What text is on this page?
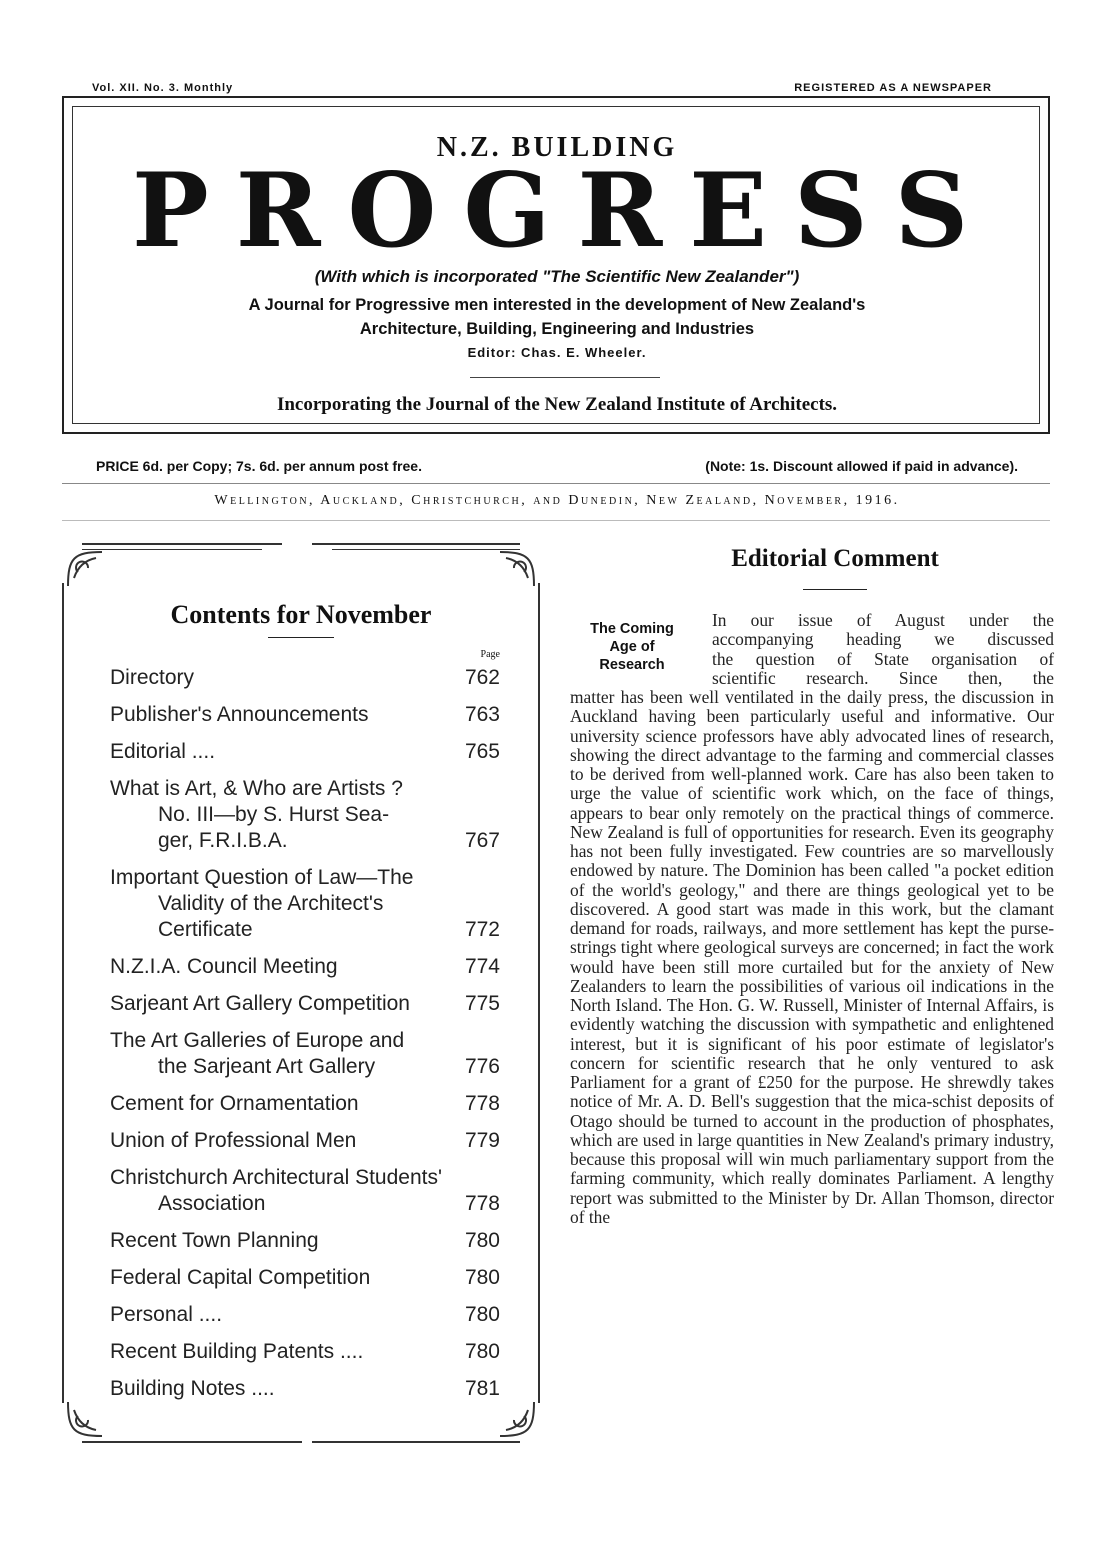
Vol. XII. No. 3. Monthly	REGISTERED AS A NEWSPAPER
N.Z. BUILDING
P R O G R E S S
(With which is incorporated "The Scientific New Zealander")
A Journal for Progressive men interested in the development of New Zealand's
Architecture, Building, Engineering and Industries
Editor: Chas. E. Wheeler.
Incorporating the Journal of the New Zealand Institute of Architects.
PRICE 6d. per Copy; 7s. 6d. per annum post free.	(Note: 1s. Discount allowed if paid in advance).
Wellington, Auckland, Christchurch, and Dunedin, New Zealand, November, 1916.
Contents for November
Page
Directory	762
Publisher's Announcements	763
Editorial ....	765
What is Art, & Who are Artists ?
No. III—by S. Hurst Sea-
ger, F.R.I.B.A.	767
Important Question of Law—The
Validity of the Architect's
Certificate	772
N.Z.I.A. Council Meeting	774
Sarjeant Art Gallery Competition	775
The Art Galleries of Europe and
the Sarjeant Art Gallery	776
Cement for Ornamentation	778
Union of Professional Men	779
Christchurch Architectural Students'
Association	778
Recent Town Planning	780
Federal Capital Competition	780
Personal ....	780
Recent Building Patents ....	780
Building Notes ....	781
Editorial Comment
The Coming
Age of
Research

In our issue of August under the

accompanying heading we discussed

the question of State organisation of

scientific research. Since then, the

matter has been well ventilated in the daily press, the discussion in Auckland having been particularly useful and informative. Our university science professors have ably advocated lines of research, showing the direct advantage to the farming and commercial classes to be derived from well-planned work. Care has also been taken to urge the value of scientific work which, on the face of things, appears to bear only remotely on the practical things of commerce. New Zealand is full of opportunities for research. Even its geography has not been fully investigated. Few countries are so marvellously endowed by nature. The Dominion has been called "a pocket edition of the world's geology," and there are things geological yet to be discovered. A good start was made in this work, but the clamant demand for roads, railways, and more settlement has kept the purse-strings tight where geological surveys are concerned; in fact the work would have been still more curtailed but for the anxiety of New Zealanders to learn the possibilities of various oil indications in the North Island. The Hon. G. W. Russell, Minister of Internal Affairs, is evidently watching the discussion with sympathetic and enlightened interest, but it is significant of his poor estimate of legislator's concern for scientific research that he only ventured to ask Parliament for a grant of £250 for the purpose. He shrewdly takes notice of Mr. A. D. Bell's suggestion that the mica-schist deposits of Otago should be turned to account in the production of phosphates, which are used in large quantities in New Zealand's primary industry, because this proposal will win much parliamentary support from the farming community, which really dominates Parliament. A lengthy report was submitted to the Minister by Dr. Allan Thomson, director of the
